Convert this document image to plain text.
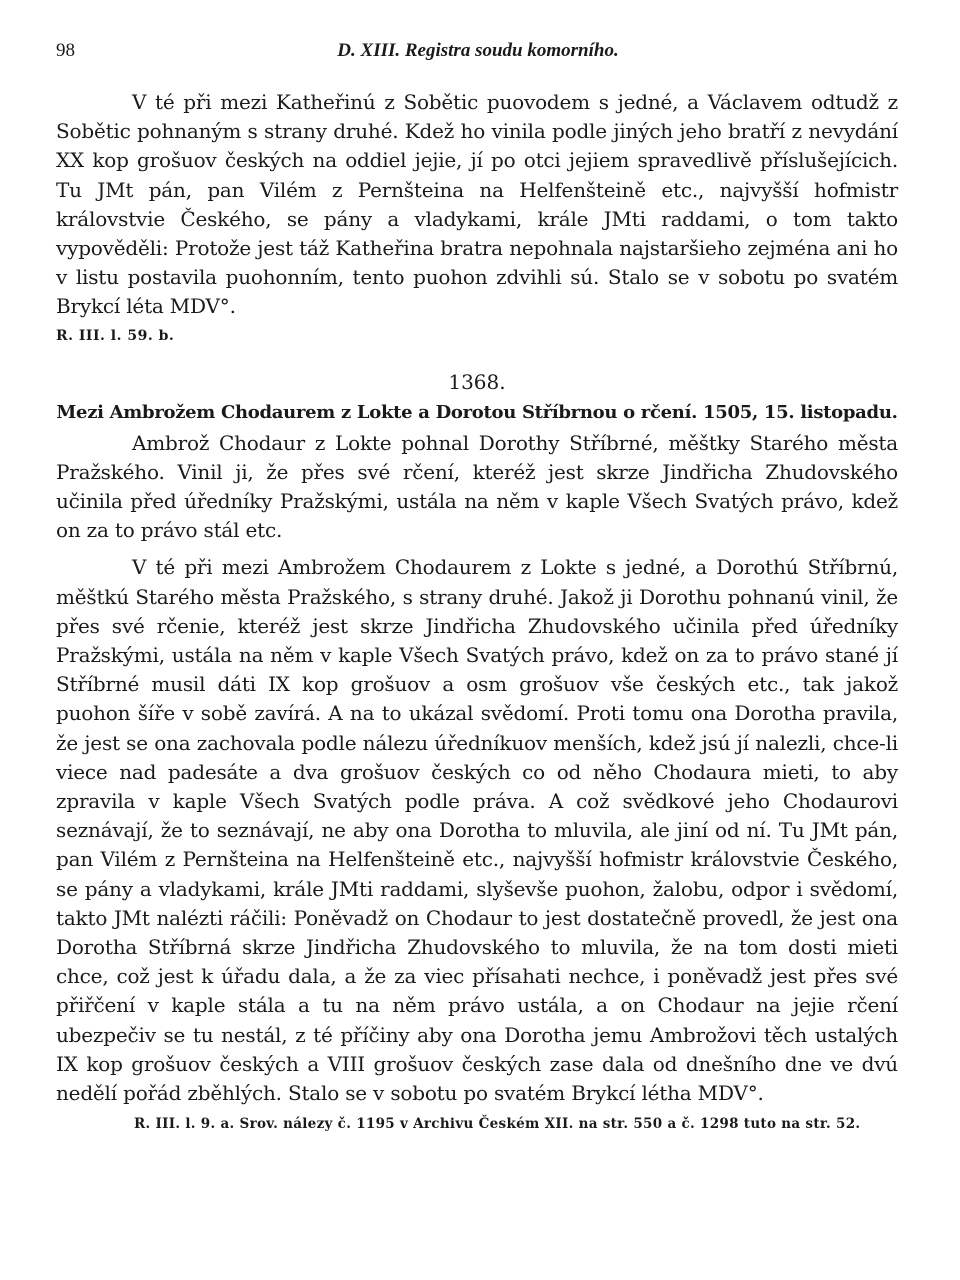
98	D. XIII. Registra soudu komorního.

V té při mezi Katheřinú z Sobětic puovodem s jedné, a Václavem odtudž z Sobětic pohnaným s strany druhé. Kdež ho vinila podle jiných jeho bratří z nevydání XX kop grošuov českých na oddiel jejie, jí po otci jejiem spravedlivě příslušejícich. Tu JMt pán, pan Vilém z Pernšteina na Helfenšteině etc., najvyšší hofmistr královstvie Českého, se pány a vladykami, krále JMti raddami, o tom takto vypověděli: Protože jest táž Katheřina bratra nepohnala najstaršieho zejména ani ho v listu postavila puohonním, tento puohon zdvihli sú. Stalo se v sobotu po svatém Brykcí léta MDV°.

R. III. l. 59. b.
1368.
Mezi Ambrožem Chodaurem z Lokte a Dorotou Stříbrnou o rčení. 1505, 15. listopadu.

Ambrož Chodaur z Lokte pohnal Dorothy Stříbrné, měštky Starého města Pražského. Vinil ji, že přes své rčení, kteréž jest skrze Jindřicha Zhudovského učinila před úředníky Pražskými, ustála na něm v kaple Všech Svatých právo, kdež on za to právo stál etc.

V té při mezi Ambrožem Chodaurem z Lokte s jedné, a Dorothú Stříbrnú, měštkú Starého města Pražského, s strany druhé. Jakož ji Dorothu pohnanú vinil, že přes své rčenie, kteréž jest skrze Jindřicha Zhudovského učinila před úředníky Pražskými, ustála na něm v kaple Všech Svatých právo, kdež on za to právo stané jí Stříbrné musil dáti IX kop grošuov a osm grošuov vše českých etc., tak jakož puohon šíře v sobě zavírá. A na to ukázal svědomí. Proti tomu ona Dorotha pravila, že jest se ona zachovala podle nálezu úředníkuov menších, kdež jsú jí nalezli, chce-li viece nad padesáte a dva grošuov českých co od něho Chodaura mieti, to aby zpravila v kaple Všech Svatých podle práva. A což svědkové jeho Chodaurovi seznávají, že to seznávají, ne aby ona Dorotha to mluvila, ale jiní od ní. Tu JMt pán, pan Vilém z Pernšteina na Helfenšteině etc., najvyšší hofmistr královstvie Českého, se pány a vladykami, krále JMti raddami, slyševše puohon, žalobu, odpor i svědomí, takto JMt nalézti ráčili: Poněvadž on Chodaur to jest dostatečně provedl, že jest ona Dorotha Stříbrná skrze Jindřicha Zhudovského to mluvila, že na tom dosti mieti chce, což jest k úřadu dala, a že za viec přísahati nechce, i poněvadž jest přes své přiřčení v kaple stála a tu na něm právo ustála, a on Chodaur na jejie rčení ubezpečiv se tu nestál, z té příčiny aby ona Dorotha jemu Ambrožovi těch ustalých IX kop grošuov českých a VIII grošuov českých zase dala od dnešního dne ve dvú nedělí pořád zběhlých. Stalo se v sobotu po svatém Brykcí létha MDV°.

R. III. l. 9. a. Srov. nálezy č. 1195 v Archivu Českém XII. na str. 550 a č. 1298 tuto na str. 52.
